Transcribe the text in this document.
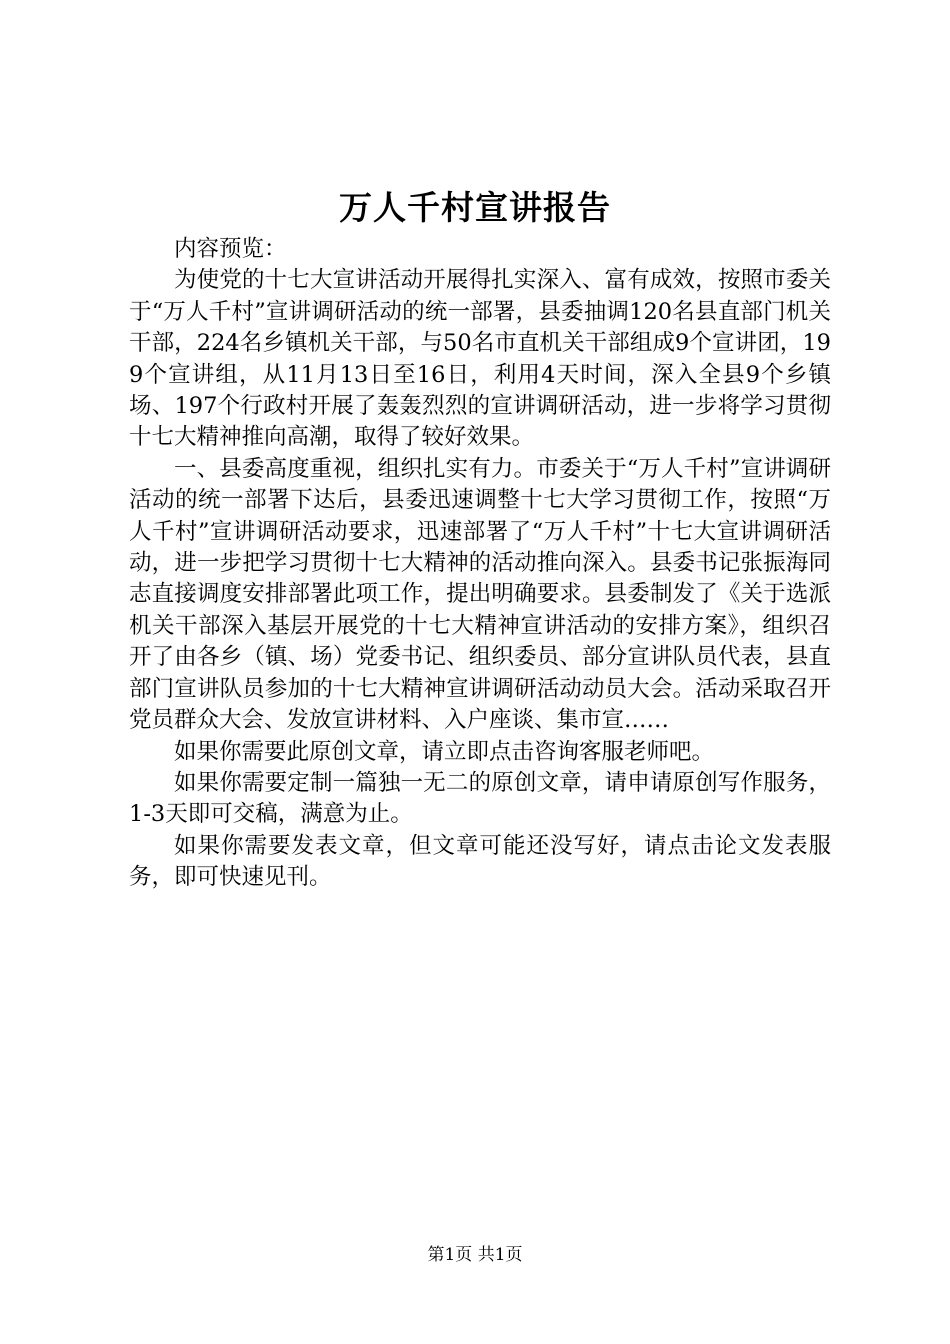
万人千村宣讲报告

内容预览：

为使党的十七大宣讲活动开展得扎实深入、富有成效，按照市委关于“万人千村”宣讲调研活动的统一部署，县委抽调120名县直部门机关干部，224名乡镇机关干部，与50名市直机关干部组成9个宣讲团，199个宣讲组，从11月13日至16日，利用4天时间，深入全县9个乡镇场、197个行政村开展了轰轰烈烈的宣讲调研活动，进一步将学习贯彻十七大精神推向高潮，取得了较好效果。

一、县委高度重视，组织扎实有力。市委关于“万人千村”宣讲调研活动的统一部署下达后，县委迅速调整十七大学习贯彻工作，按照“万人千村”宣讲调研活动要求，迅速部署了“万人千村”十七大宣讲调研活动，进一步把学习贯彻十七大精神的活动推向深入。县委书记张振海同志直接调度安排部署此项工作，提出明确要求。县委制发了《关于选派机关干部深入基层开展党的十七大精神宣讲活动的安排方案》，组织召开了由各乡（镇、场）党委书记、组织委员、部分宣讲队员代表，县直部门宣讲队员参加的十七大精神宣讲调研活动动员大会。活动采取召开党员群众大会、发放宣讲材料、入户座谈、集市宣……

如果你需要此原创文章，请立即点击咨询客服老师吧。

如果你需要定制一篇独一无二的原创文章，请申请原创写作服务，1-3天即可交稿，满意为止。

如果你需要发表文章，但文章可能还没写好，请点击论文发表服务，即可快速见刊。

第1页 共1页
